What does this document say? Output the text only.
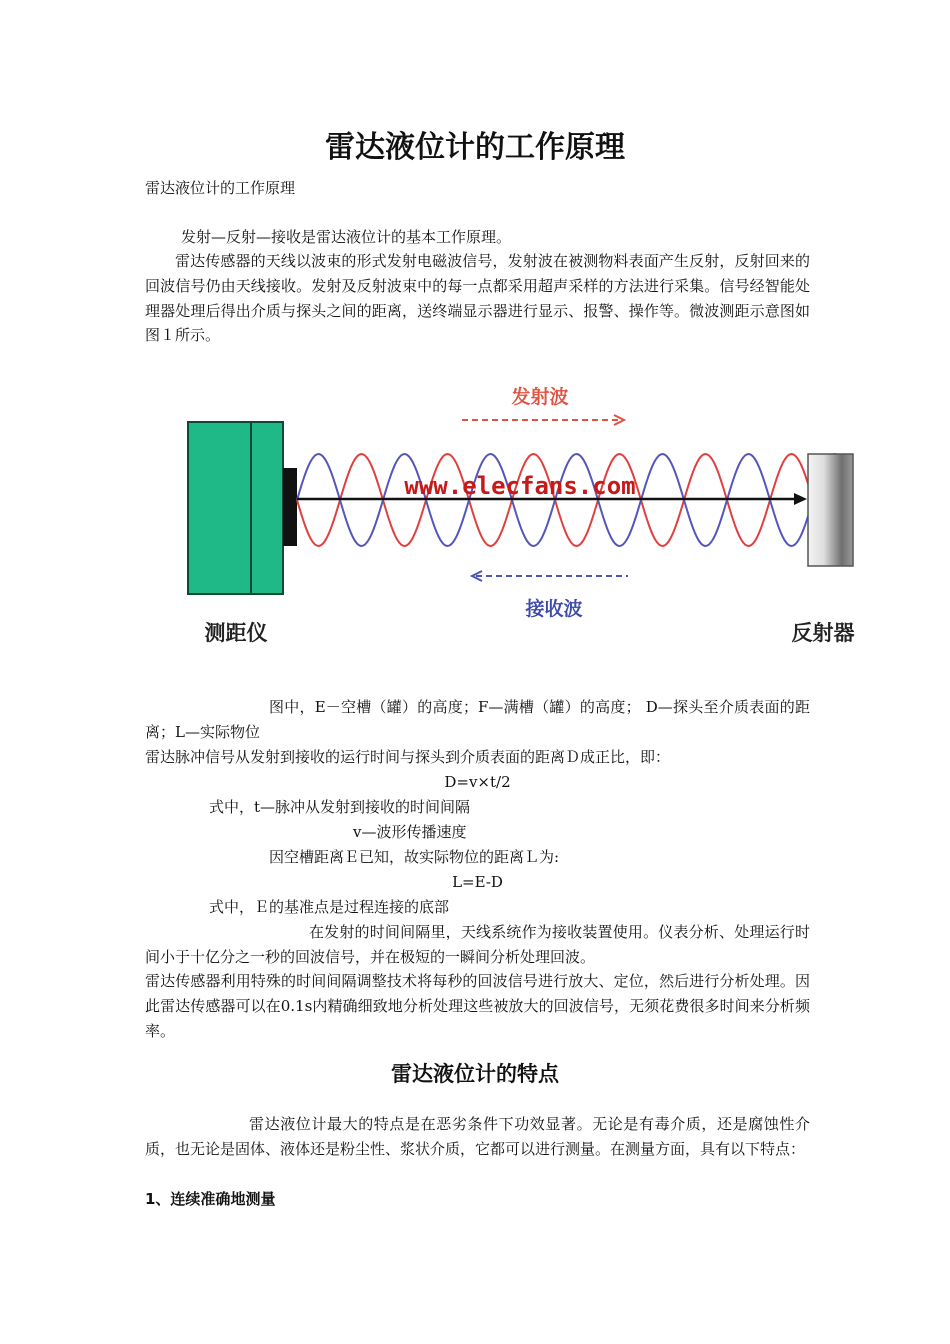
雷达液位计的工作原理

雷达液位计的工作原理

发射—反射—接收是雷达液位计的基本工作原理。

雷达传感器的天线以波束的形式发射电磁波信号，发射波在被测物料表面产生反射，反射回来的回波信号仍由天线接收。发射及反射波束中的每一点都采用超声采样的方法进行采集。信号经智能处理器处理后得出介质与探头之间的距离，送终端显示器进行显示、报警、操作等。微波测距示意图如图１所示。

发射波
www.elecfans.com
接收波
测距仪	反射器

图中，E－空槽（罐）的高度；F—满槽（罐）的高度； D—探头至介质表面的距离；L—实际物位

雷达脉冲信号从发射到接收的运行时间与探头到介质表面的距离Ｄ成正比，即：

D=v×t/2

式中，t—脉冲从发射到接收的时间间隔

v—波形传播速度

因空槽距离Ｅ已知，故实际物位的距离Ｌ为:

L=E-D

式中，Ｅ的基准点是过程连接的底部

在发射的时间间隔里，天线系统作为接收装置使用。仪表分析、处理运行时间小于十亿分之一秒的回波信号，并在极短的一瞬间分析处理回波。

雷达传感器利用特殊的时间间隔调整技术将每秒的回波信号进行放大、定位，然后进行分析处理。因此雷达传感器可以在0.1s内精确细致地分析处理这些被放大的回波信号，无须花费很多时间来分析频率。

雷达液位计的特点

雷达液位计最大的特点是在恶劣条件下功效显著。无论是有毒介质，还是腐蚀性介质，也无论是固体、液体还是粉尘性、浆状介质，它都可以进行测量。在测量方面，具有以下特点：

1、连续准确地测量
